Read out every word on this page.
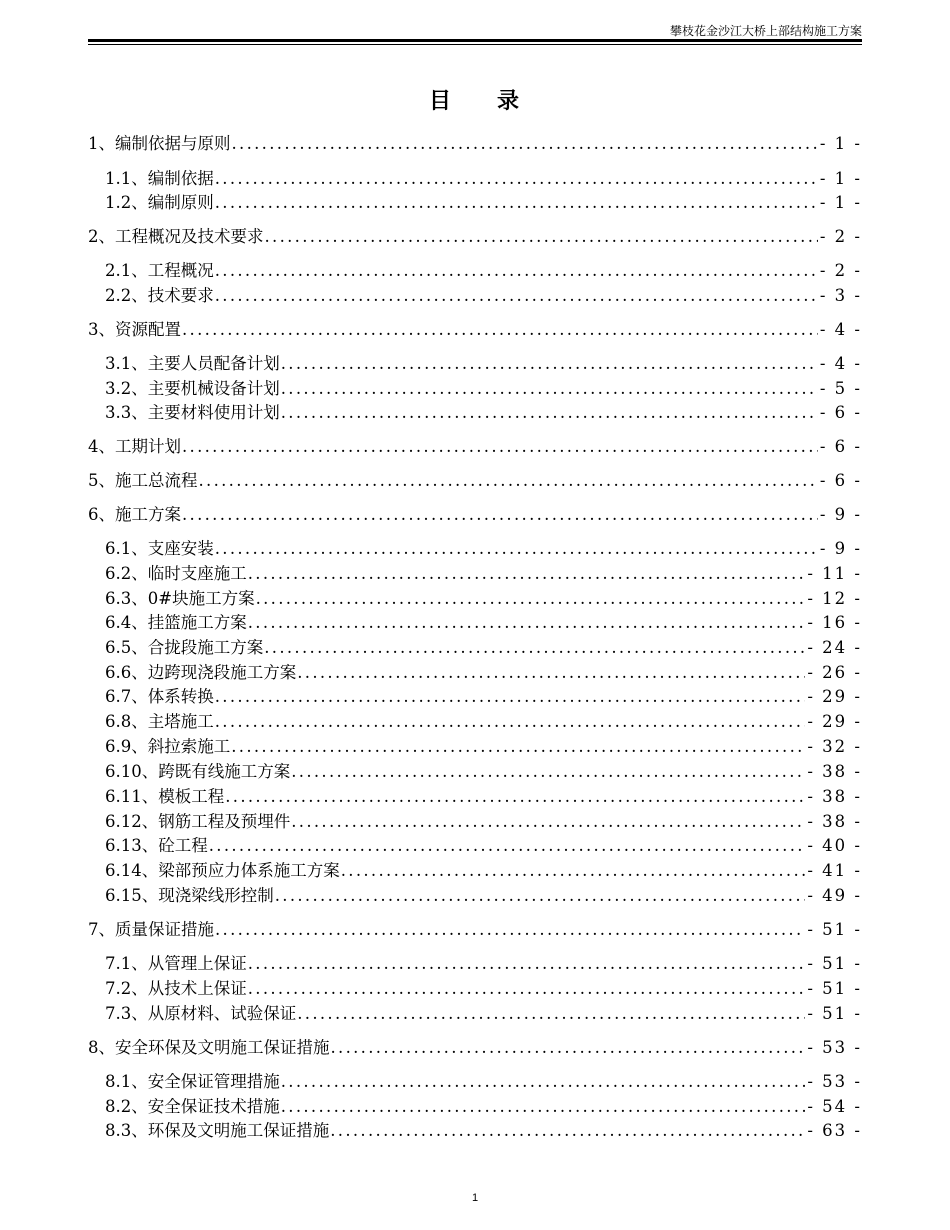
攀枝花金沙江大桥上部结构施工方案
目 录
1、编制依据与原则 .....	- 1 -
1.1、编制依据 .....	- 1 -
1.2、编制原则 .....	- 1 -
2、工程概况及技术要求 .....	- 2 -
2.1、工程概况 .....	- 2 -
2.2、技术要求 .....	- 3 -
3、资源配置 .....	- 4 -
3.1、主要人员配备计划 .....	- 4 -
3.2、主要机械设备计划 .....	- 5 -
3.3、主要材料使用计划 .....	- 6 -
4、工期计划 .....	- 6 -
5、施工总流程 .....	- 6 -
6、施工方案 .....	- 9 -
6.1、支座安装 .....	- 9 -
6.2、临时支座施工 .....	- 11 -
6.3、0#块施工方案 .....	- 12 -
6.4、挂篮施工方案 .....	- 16 -
6.5、合拢段施工方案 .....	- 24 -
6.6、边跨现浇段施工方案 .....	- 26 -
6.7、体系转换 .....	- 29 -
6.8、主塔施工 .....	- 29 -
6.9、斜拉索施工 .....	- 32 -
6.10、跨既有线施工方案 .....	- 38 -
6.11、模板工程 .....	- 38 -
6.12、钢筋工程及预埋件 .....	- 38 -
6.13、砼工程 .....	- 40 -
6.14、梁部预应力体系施工方案 .....	- 41 -
6.15、现浇梁线形控制 .....	- 49 -
7、质量保证措施 .....	- 51 -
7.1、从管理上保证 .....	- 51 -
7.2、从技术上保证 .....	- 51 -
7.3、从原材料、试验保证 .....	- 51 -
8、安全环保及文明施工保证措施 .....	- 53 -
8.1、安全保证管理措施 .....	- 53 -
8.2、安全保证技术措施 .....	- 54 -
8.3、环保及文明施工保证措施 .....	- 63 -
1
